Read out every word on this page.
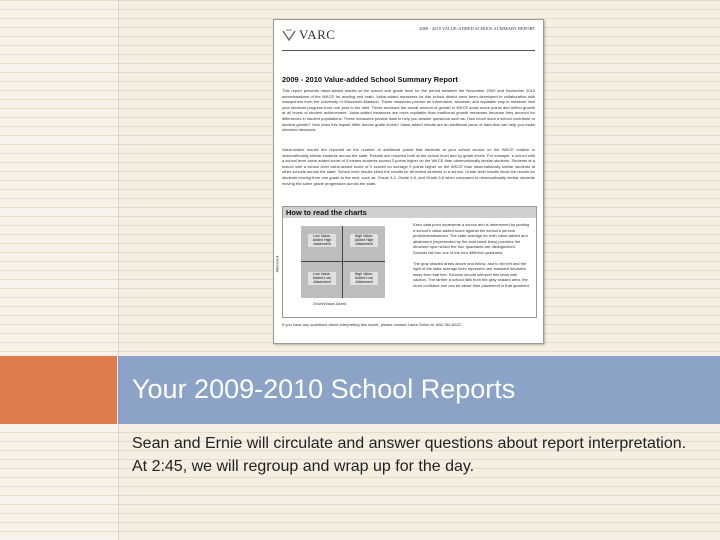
VARC	2009 - 2010 VALUE-ADDED SCHOOL SUMMARY REPORT
2009 - 2010 Value-added School Summary Report
This report presents value-added results at the school and grade level for the period between the November 2009 and November 2010 administrations of the WKCE for reading and math. Value-added measures for this school district have been developed in collaboration with researchers from the University of Wisconsin-Madison. These measures provide an informative, accurate, and equitable way to measure how your students progress from one year to the next. These measure the actual amount of growth in WKCE scale score points and reflect growth at all levels of student achievement. Value-added measures are more equitable than traditional growth measures because they account for differences in student populations. These measures provide data to help you answer questions such as: How much does a school contribute to student growth? How does this impact differ across grade levels? Value-added results are an additional piece of data that can help you make informed decisions.
Value-added results are reported as the number of additional points that students at your school scored on the WKCE relative to observationally similar students across the state. Results are reported both at the school level and by grade levels. For example, a school with a school level value-added score of 3 means students scored 3 points higher on the WKCE than observationally similar students. Students at a school with a school level value-added score of 0 scored on average 0 points higher on the WKCE than observationally similar students at other schools across the state. School level results show the results for all tested students in a school. Grade level results show the results for students moving from one grade to the next, such as: Grade 3-4, Grade 4-5, and Grade 5-6 when compared to observationally similar students moving the same grade progression across the state.
How to read the charts
Attainment
Low Value-Added High Attainment
High Value-Added High Attainment
Low Value-Added Low Attainment
High Value-Added Low Attainment
Growth/Value-Added

Each data point represents a school and is determined by plotting a school's value-added score against the school's percent proficient/advanced. The state average for both value-added and attainment (represented by the bold black lines) provides the structure upon which the four quadrants are distinguished. Schools fall into one of the four different quadrants.

The gray shaded areas above and below, and to the left and the right of the state average lines represent one standard deviation away from that line. Schools should interpret this chart with caution. The farther a school falls from the gray shaded area, the more confident one can be about their placement in that quadrant.

If you have any questions about interpreting this report, please contact Laura Shinn at: 608-780-6022.
Your 2009-2010 School Reports

Sean and Ernie will circulate and answer questions about report interpretation.

At 2:45, we will regroup and wrap up for the day.
